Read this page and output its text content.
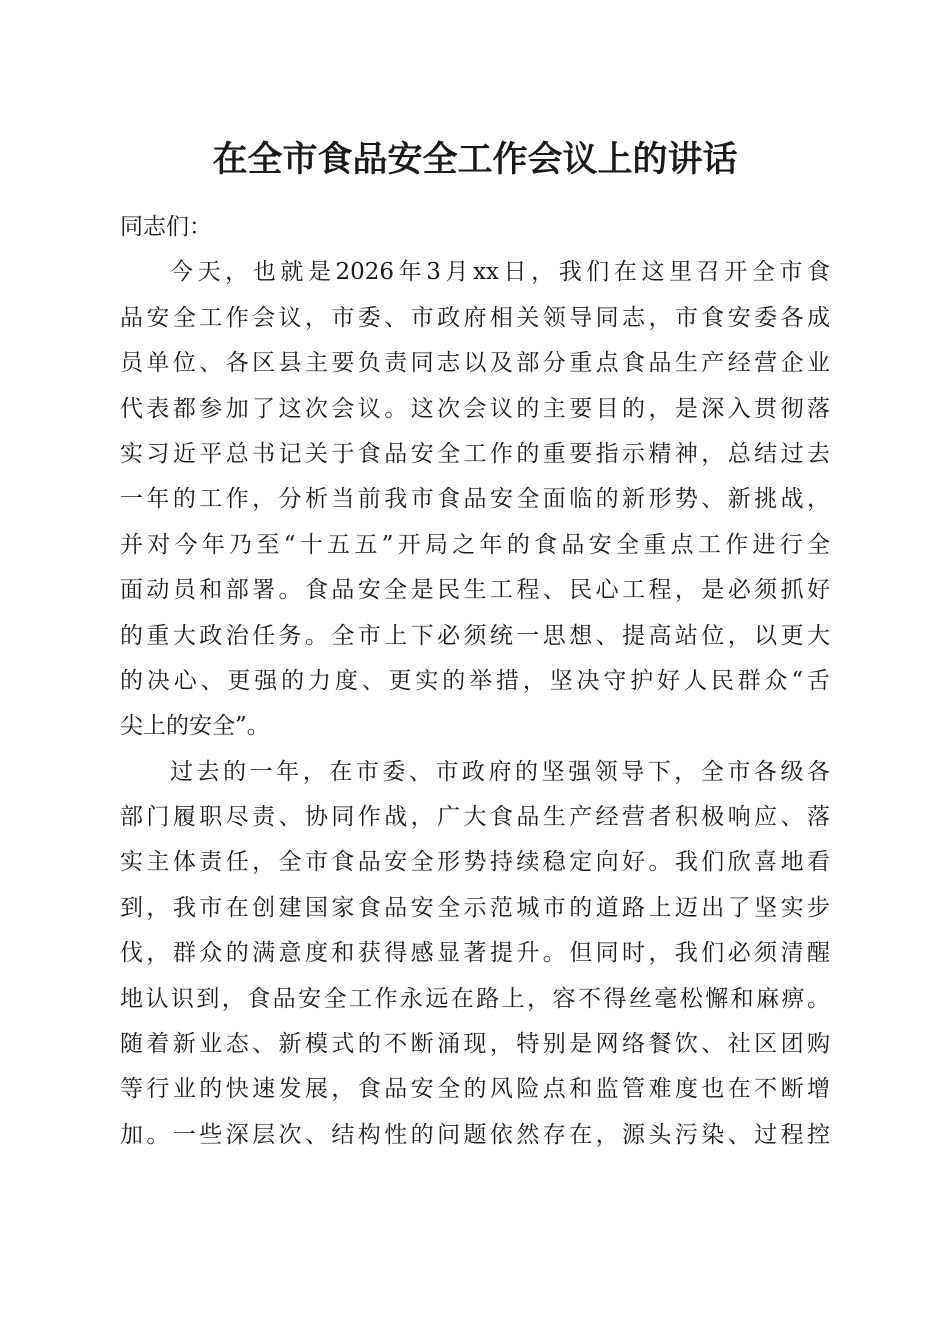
在全市食品安全工作会议上的讲话

同志们：

今天，也就是2026年3月xx日，我们在这里召开全市食
品安全工作会议，市委、市政府相关领导同志，市食安委各成
员单位、各区县主要负责同志以及部分重点食品生产经营企业
代表都参加了这次会议。这次会议的主要目的，是深入贯彻落
实习近平总书记关于食品安全工作的重要指示精神，总结过去
一年的工作，分析当前我市食品安全面临的新形势、新挑战，
并对今年乃至“十五五”开局之年的食品安全重点工作进行全
面动员和部署。食品安全是民生工程、民心工程，是必须抓好
的重大政治任务。全市上下必须统一思想、提高站位，以更大
的决心、更强的力度、更实的举措，坚决守护好人民群众“舌
尖上的安全”。
过去的一年，在市委、市政府的坚强领导下，全市各级各
部门履职尽责、协同作战，广大食品生产经营者积极响应、落
实主体责任，全市食品安全形势持续稳定向好。我们欣喜地看
到，我市在创建国家食品安全示范城市的道路上迈出了坚实步
伐，群众的满意度和获得感显著提升。但同时，我们必须清醒
地认识到，食品安全工作永远在路上，容不得丝毫松懈和麻痹。
随着新业态、新模式的不断涌现，特别是网络餐饮、社区团购
等行业的快速发展，食品安全的风险点和监管难度也在不断增
加。一些深层次、结构性的问题依然存在，源头污染、过程控
